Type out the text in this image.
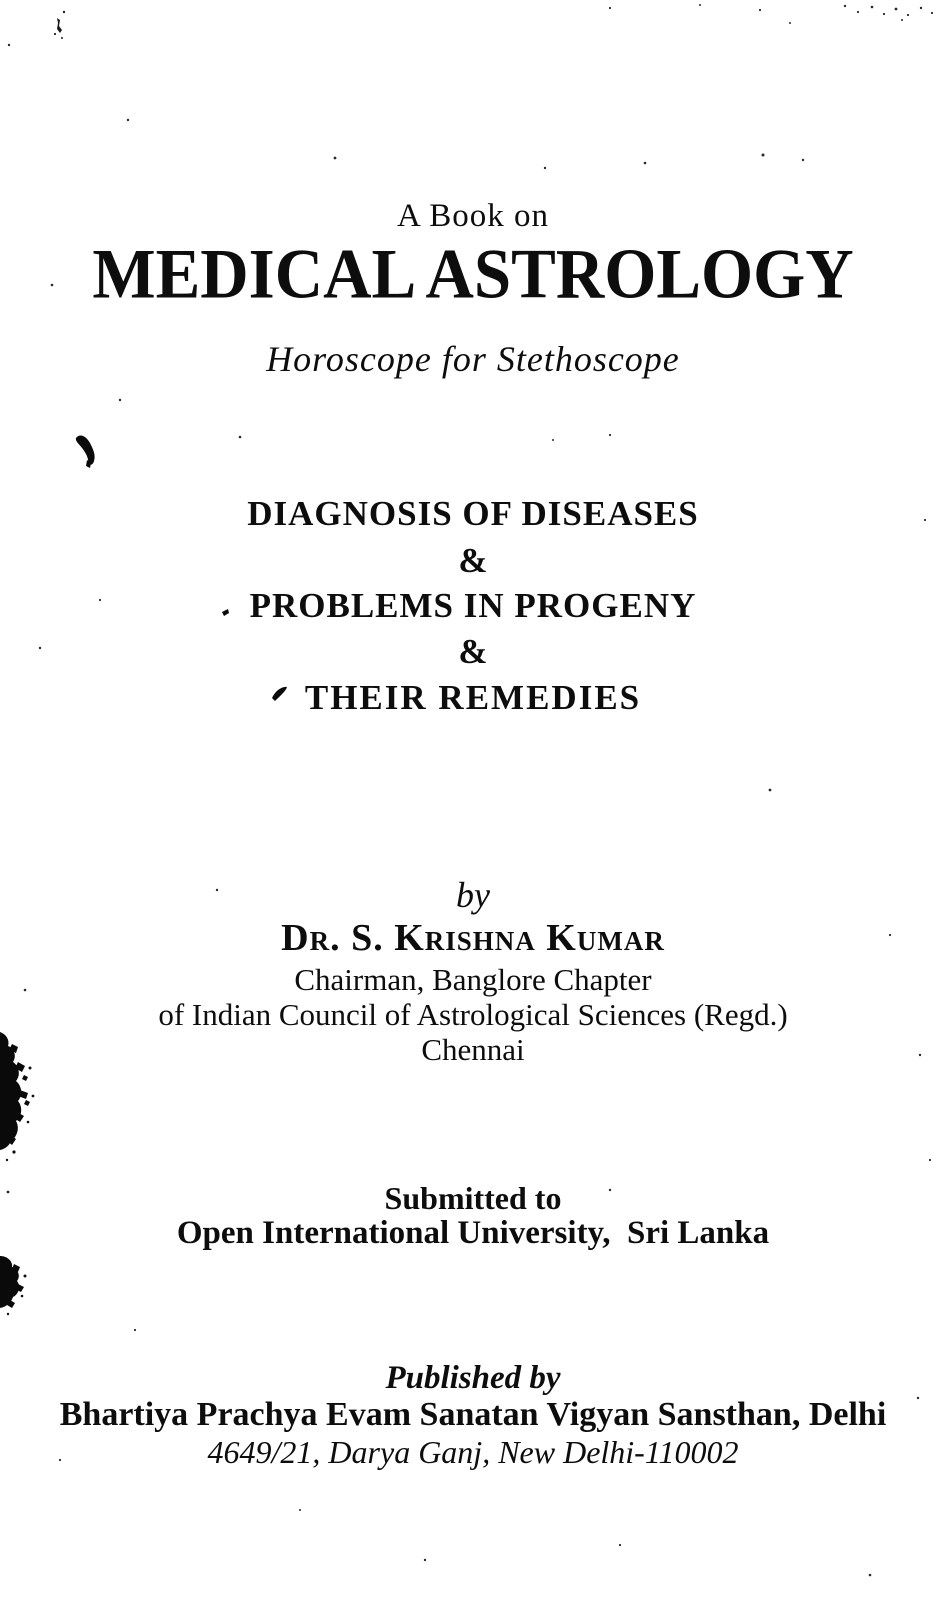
A Book on
MEDICAL ASTROLOGY
Horoscope for Stethoscope
DIAGNOSIS OF DISEASES
&
PROBLEMS IN PROGENY
&
THEIR REMEDIES
by
Dr. S. Krishna Kumar
Chairman, Banglore Chapter
of Indian Council of Astrological Sciences (Regd.)
Chennai
Submitted to
Open International University,  Sri Lanka
Published by
Bhartiya Prachya Evam Sanatan Vigyan Sansthan, Delhi
4649/21, Darya Ganj, New Delhi-110002
